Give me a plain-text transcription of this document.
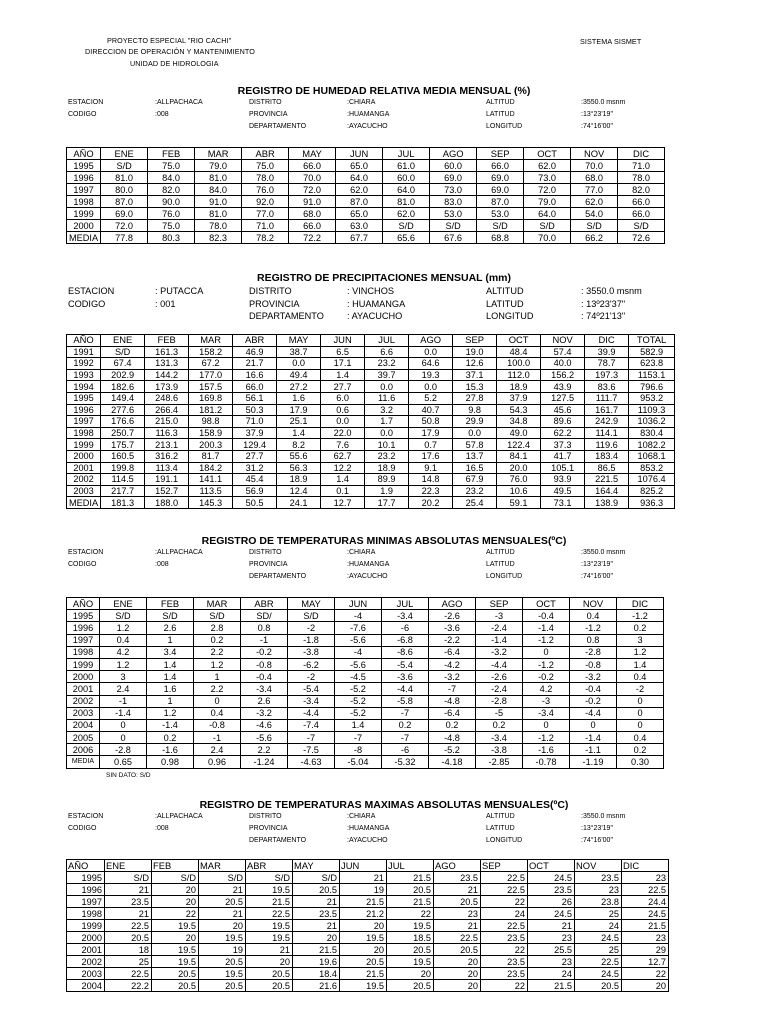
PROYECTO ESPECIAL "RIO CACHI"
DIRECCION DE OPERACIÓN Y MANTENIMIENTO
UNIDAD DE HIDROLOGIA
SISTEMA SISMET
REGISTRO DE HUMEDAD RELATIVA MEDIA MENSUAL (%)
ESTACION	:ALLPACHACA	DISTRITO	:CHIARA	ALTITUD	:3550.0 msnm
CODIGO	:008	PROVINCIA	:HUAMANGA	LATITUD	:13°23'19"
DEPARTAMENTO	:AYACUCHO	LONGITUD	:74°16'00"
AÑO	ENE	FEB	MAR	ABR	MAY	JUN	JUL	AGO	SEP	OCT	NOV	DIC
1995	S/D	75.0	79.0	75.0	66.0	65.0	61.0	60.0	66.0	62.0	70.0	71.0
1996	81.0	84.0	81.0	78.0	70.0	64.0	60.0	69.0	69.0	73.0	68.0	78.0
1997	80.0	82.0	84.0	76.0	72.0	62.0	64.0	73.0	69.0	72.0	77.0	82.0
1998	87.0	90.0	91.0	92.0	91.0	87.0	81.0	83.0	87.0	79.0	62.0	66.0
1999	69.0	76.0	81.0	77.0	68.0	65.0	62.0	53.0	53.0	64.0	54.0	66.0
2000	72.0	75.0	78.0	71.0	66.0	63.0	S/D	S/D	S/D	S/D	S/D	S/D
MEDIA	77.8	80.3	82.3	78.2	72.2	67.7	65.6	67.6	68.8	70.0	66.2	72.6
REGISTRO DE PRECIPITACIONES MENSUAL (mm)
ESTACION	: PUTACCA	DISTRITO	: VINCHOS	ALTITUD	: 3550.0 msnm
CODIGO	: 001	PROVINCIA	: HUAMANGA	LATITUD	: 13º23'37"
DEPARTAMENTO	: AYACUCHO	LONGITUD	: 74º21'13"
AÑO	ENE	FEB	MAR	ABR	MAY	JUN	JUL	AGO	SEP	OCT	NOV	DIC	TOTAL
1991	S/D	161.3	158.2	46.9	38.7	6.5	6.6	0.0	19.0	48.4	57.4	39.9	582.9
1992	67.4	131.3	67.2	21.7	0.0	17.1	23.2	64.6	12.6	100.0	40.0	78.7	623.8
1993	202.9	144.2	177.0	16.6	49.4	1.4	39.7	19.3	37.1	112.0	156.2	197.3	1153.1
1994	182.6	173.9	157.5	66.0	27.2	27.7	0.0	0.0	15.3	18.9	43.9	83.6	796.6
1995	149.4	248.6	169.8	56.1	1.6	6.0	11.6	5.2	27.8	37.9	127.5	111.7	953.2
1996	277.6	266.4	181.2	50.3	17.9	0.6	3.2	40.7	9.8	54.3	45.6	161.7	1109.3
1997	176.6	215.0	98.8	71.0	25.1	0.0	1.7	50.8	29.9	34.8	89.6	242.9	1036.2
1998	250.7	116.3	158.9	37.9	1.4	22.0	0.0	17.9	0.0	49.0	62.2	114.1	830.4
1999	175.7	213.1	200.3	129.4	8.2	7.6	10.1	0.7	57.8	122.4	37.3	119.6	1082.2
2000	160.5	316.2	81.7	27.7	55.6	62.7	23.2	17.6	13.7	84.1	41.7	183.4	1068.1
2001	199.8	113.4	184.2	31.2	56.3	12.2	18.9	9.1	16.5	20.0	105.1	86.5	853.2
2002	114.5	191.1	141.1	45.4	18.9	1.4	89.9	14.8	67.9	76.0	93.9	221.5	1076.4
2003	217.7	152.7	113.5	56.9	12.4	0.1	1.9	22.3	23.2	10.6	49.5	164.4	825.2
MEDIA	181.3	188.0	145.3	50.5	24.1	12.7	17.7	20.2	25.4	59.1	73.1	138.9	936.3
REGISTRO DE TEMPERATURAS MINIMAS ABSOLUTAS MENSUALES(ºC)
ESTACION	:ALLPACHACA	DISTRITO	:CHIARA	ALTITUD	:3550.0 msnm
CODIGO	:008	PROVINCIA	:HUAMANGA	LATITUD	:13°23'19"
DEPARTAMENTO	:AYACUCHO	LONGITUD	:74°16'00"
AÑO	ENE	FEB	MAR	ABR	MAY	JUN	JUL	AGO	SEP	OCT	NOV	DIC
1995	S/D	S/D	S/D	SD/	S/D	-4	-3.4	-2.6	-3	-0.4	0.4	-1.2
1996	1.2	2.6	2.8	0.8	-2	-7.6	-6	-3.6	-2.4	-1.4	-1.2	0.2
1997	0.4	1	0.2	-1	-1.8	-5.6	-6.8	-2.2	-1.4	-1.2	0.8	3
1998	4.2	3.4	2.2	-0.2	-3.8	-4	-8.6	-6.4	-3.2	0	-2.8	1.2
1999	1.2	1.4	1.2	-0.8	-6.2	-5.6	-5.4	-4.2	-4.4	-1.2	-0.8	1.4
2000	3	1.4	1	-0.4	-2	-4.5	-3.6	-3.2	-2.6	-0.2	-3.2	0.4
2001	2.4	1.6	2.2	-3.4	-5.4	-5.2	-4.4	-7	-2.4	4.2	-0.4	-2
2002	-1	1	0	2.6	-3.4	-5.2	-5.8	-4.8	-2.8	-3	-0.2	0
2003	-1.4	1.2	0.4	-3.2	-4.4	-5.2	-7	-6.4	-5	-3.4	-4.4	0
2004	0	-1.4	-0.8	-4.6	-7.4	1.4	0.2	0.2	0.2	0	0	0
2005	0	0.2	-1	-5.6	-7	-7	-7	-4.8	-3.4	-1.2	-1.4	0.4
2006	-2.8	-1.6	2.4	2.2	-7.5	-8	-6	-5.2	-3.8	-1.6	-1.1	0.2
MEDIA	0.65	0.98	0.96	-1.24	-4.63	-5.04	-5.32	-4.18	-2.85	-0.78	-1.19	0.30
SIN DATO: S/D
REGISTRO DE TEMPERATURAS MAXIMAS ABSOLUTAS MENSUALES(ºC)
ESTACION	:ALLPACHACA	DISTRITO	:CHIARA	ALTITUD	:3550.0 msnm
CODIGO	:008	PROVINCIA	:HUAMANGA	LATITUD	:13°23'19"
DEPARTAMENTO	:AYACUCHO	LONGITUD	:74°16'00"
AÑO	ENE	FEB	MAR	ABR	MAY	JUN	JUL	AGO	SEP	OCT	NOV	DIC
1995	S/D	S/D	S/D	S/D	S/D	21	21.5	23.5	22.5	24.5	23.5	23
1996	21	20	21	19.5	20.5	19	20.5	21	22.5	23.5	23	22.5
1997	23.5	20	20.5	21.5	21	21.5	21.5	20.5	22	26	23.8	24.4
1998	21	22	21	22.5	23.5	21.2	22	23	24	24.5	25	24.5
1999	22.5	19.5	20	19.5	21	20	19.5	21	22.5	21	24	21.5
2000	20.5	20	19.5	19.5	20	19.5	18.5	22.5	23.5	23	24.5	23
2001	18	19.5	19	21	21.5	20	20.5	20.5	22	25.5	25	29
2002	25	19.5	20.5	20	19.6	20.5	19.5	20	23.5	23	22.5	12.7
2003	22.5	20.5	19.5	20.5	18.4	21.5	20	20	23.5	24	24.5	22
2004	22.2	20.5	20.5	20.5	21.6	19.5	20.5	20	22	21.5	20.5	20
